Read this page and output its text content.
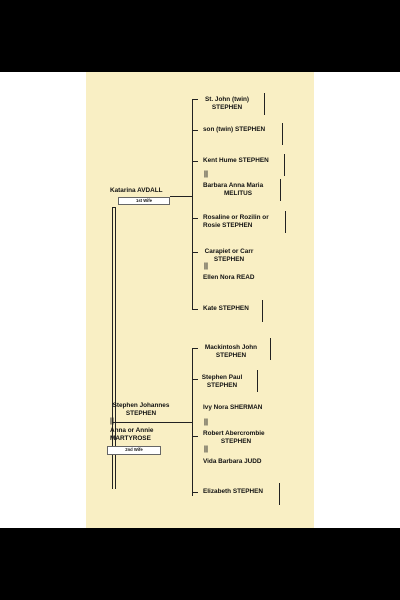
Katarina AVDALL
1st Wife
Stephen Johannes
STEPHEN
||
Anna or Annie
MARTYROSE
2nd Wife
St. John (twin)
STEPHEN
son (twin) STEPHEN
Kent Hume STEPHEN
||
Barbara Anna Maria
MELITUS
Rosaline or Rozilin or
Rosie STEPHEN
Carapiet or Carr
STEPHEN
||
Ellen Nora READ
Kate STEPHEN
Mackintosh John
STEPHEN
Stephen Paul
STEPHEN
Ivy Nora SHERMAN
||
Robert Abercrombie
STEPHEN
||
Vida Barbara JUDD
Elizabeth STEPHEN
